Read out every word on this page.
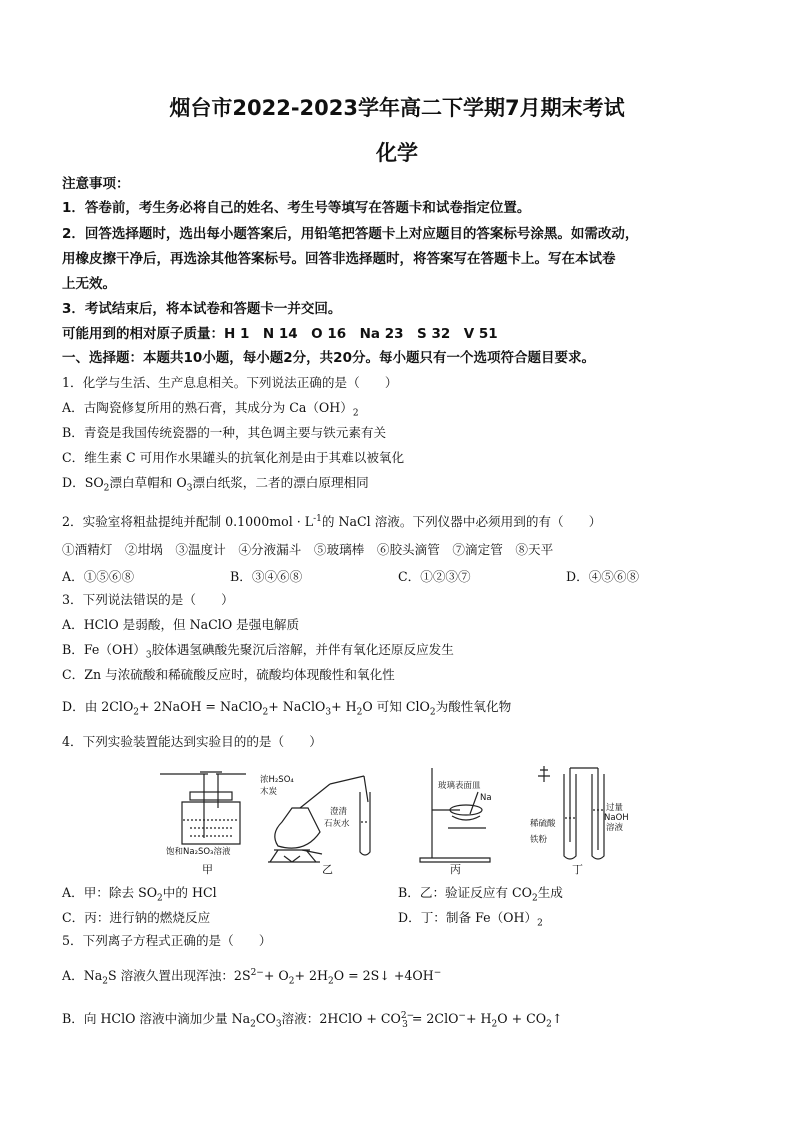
烟台市2022-2023学年高二下学期7月期末考试
化学
注意事项：
1．答卷前，考生务必将自己的姓名、考生号等填写在答题卡和试卷指定位置。
2．回答选择题时，选出每小题答案后，用铅笔把答题卡上对应题目的答案标号涂黑。如需改动，
用橡皮擦干净后，再选涂其他答案标号。回答非选择题时，将答案写在答题卡上。写在本试卷
上无效。
3．考试结束后，将本试卷和答题卡一并交回。
可能用到的相对原子质量：H 1　N 14　O 16　Na 23　S 32　V 51
一、选择题：本题共10小题，每小题2分，共20分。每小题只有一个选项符合题目要求。
1．化学与生活、生产息息相关。下列说法正确的是（　　）
A．古陶瓷修复所用的熟石膏，其成分为 $Ca(OH)_2$
B．青瓷是我国传统瓷器的一种，其色调主要与铁元素有关
C．维生素 C 可用作水果罐头的抗氧化剂是由于其难以被氧化
D．$SO_2$漂白草帽和 $O_3$漂白纸浆，二者的漂白原理相同
2．实验室将粗盐提纯并配制 $0.1000mol \cdot L^{-1}$的 NaCl 溶液。下列仪器中必须用到的有（　　）
①酒精灯　②坩埚　③温度计　④分液漏斗　⑤玻璃棒　⑥胶头滴管　⑦滴定管　⑧天平
A．①⑤⑥⑧	B．③④⑥⑧	C．①②③⑦	D．④⑤⑥⑧
3．下列说法错误的是（　　）
A．HClO 是弱酸，但 NaClO 是强电解质
B．$Fe(OH)_3$胶体遇氢碘酸先聚沉后溶解，并伴有氧化还原反应发生
C．Zn 与浓硫酸和稀硫酸反应时，硫酸均体现酸性和氧化性
D．由 2ClO$_2$+ 2NaOH = NaClO$_2$+ NaClO$_3$+ $H_2O$ 可知 ClO$_2$为酸性氧化物
4．下列实验装置能达到实验目的的是（　　）
饱和Na₂SO₃溶液
甲
浓H₂SO₄
木炭
澄清
石灰水
乙
玻璃表面皿
Na
丙
稀硫酸
铁粉
过量
NaOH
溶液
丁
A．甲：除去 $SO_2$中的 HCl	B．乙：验证反应有 $CO_2$生成
C．丙：进行钠的燃烧反应	D．丁：制备 $Fe(OH)_2$
5．下列离子方程式正确的是（　　）
A．$Na_2S$ 溶液久置出现浑浊：$2S^{2-}+ O_2+ 2H_2O$ = 2S↓ +4OH−
B．向 HClO 溶液中滴加少量 $Na_2CO_3$溶液：2HClO + $CO^{2-}_3 = 2ClO^-+ H_2O$ + $CO_2↑$
